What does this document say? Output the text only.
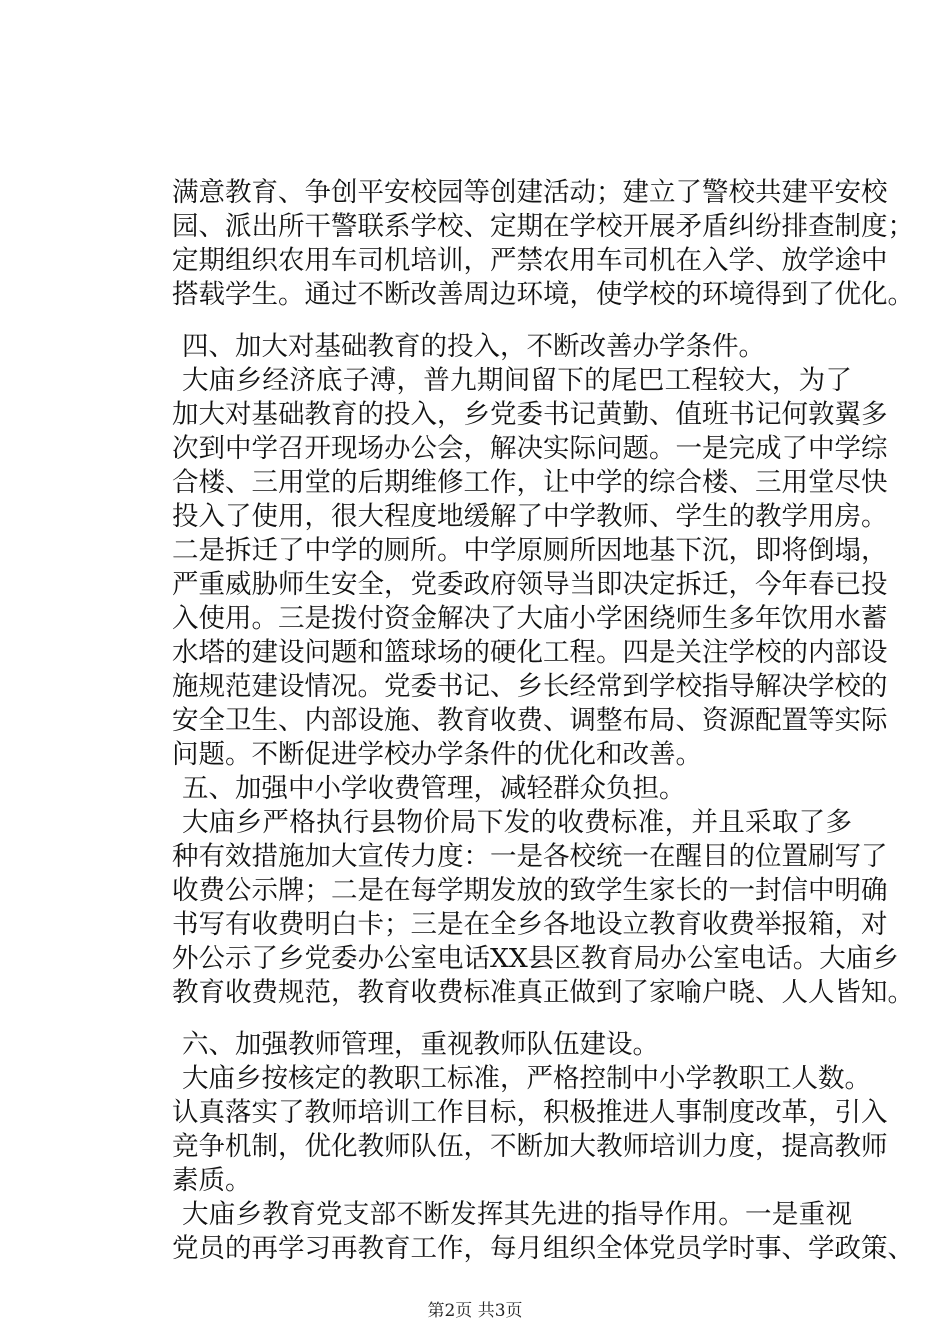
满意教育、争创平安校园等创建活动；建立了警校共建平安校
园、派出所干警联系学校、定期在学校开展矛盾纠纷排查制度；
定期组织农用车司机培训，严禁农用车司机在入学、放学途中
搭载学生。通过不断改善周边环境，使学校的环境得到了优化。
四、加大对基础教育的投入，不断改善办学条件。
大庙乡经济底子溥，普九期间留下的尾巴工程较大，为了
加大对基础教育的投入，乡党委书记黄勤、值班书记何敦翼多
次到中学召开现场办公会，解决实际问题。一是完成了中学综
合楼、三用堂的后期维修工作，让中学的综合楼、三用堂尽快
投入了使用，很大程度地缓解了中学教师、学生的教学用房。
二是拆迁了中学的厕所。中学原厕所因地基下沉，即将倒塌，
严重威胁师生安全，党委政府领导当即决定拆迁，今年春已投
入使用。三是拨付资金解决了大庙小学困绕师生多年饮用水蓄
水塔的建设问题和篮球场的硬化工程。四是关注学校的内部设
施规范建设情况。党委书记、乡长经常到学校指导解决学校的
安全卫生、内部设施、教育收费、调整布局、资源配置等实际
问题。不断促进学校办学条件的优化和改善。
五、加强中小学收费管理，减轻群众负担。
大庙乡严格执行县物价局下发的收费标准，并且采取了多
种有效措施加大宣传力度：一是各校统一在醒目的位置刷写了
收费公示牌；二是在每学期发放的致学生家长的一封信中明确
书写有收费明白卡；三是在全乡各地设立教育收费举报箱，对
外公示了乡党委办公室电话XX县区教育局办公室电话。大庙乡
教育收费规范，教育收费标准真正做到了家喻户晓、人人皆知。
六、加强教师管理，重视教师队伍建设。
大庙乡按核定的教职工标准，严格控制中小学教职工人数。
认真落实了教师培训工作目标，积极推进人事制度改革，引入
竞争机制，优化教师队伍，不断加大教师培训力度，提高教师
素质。
大庙乡教育党支部不断发挥其先进的指导作用。一是重视
党员的再学习再教育工作，每月组织全体党员学时事、学政策、
第2页 共3页
